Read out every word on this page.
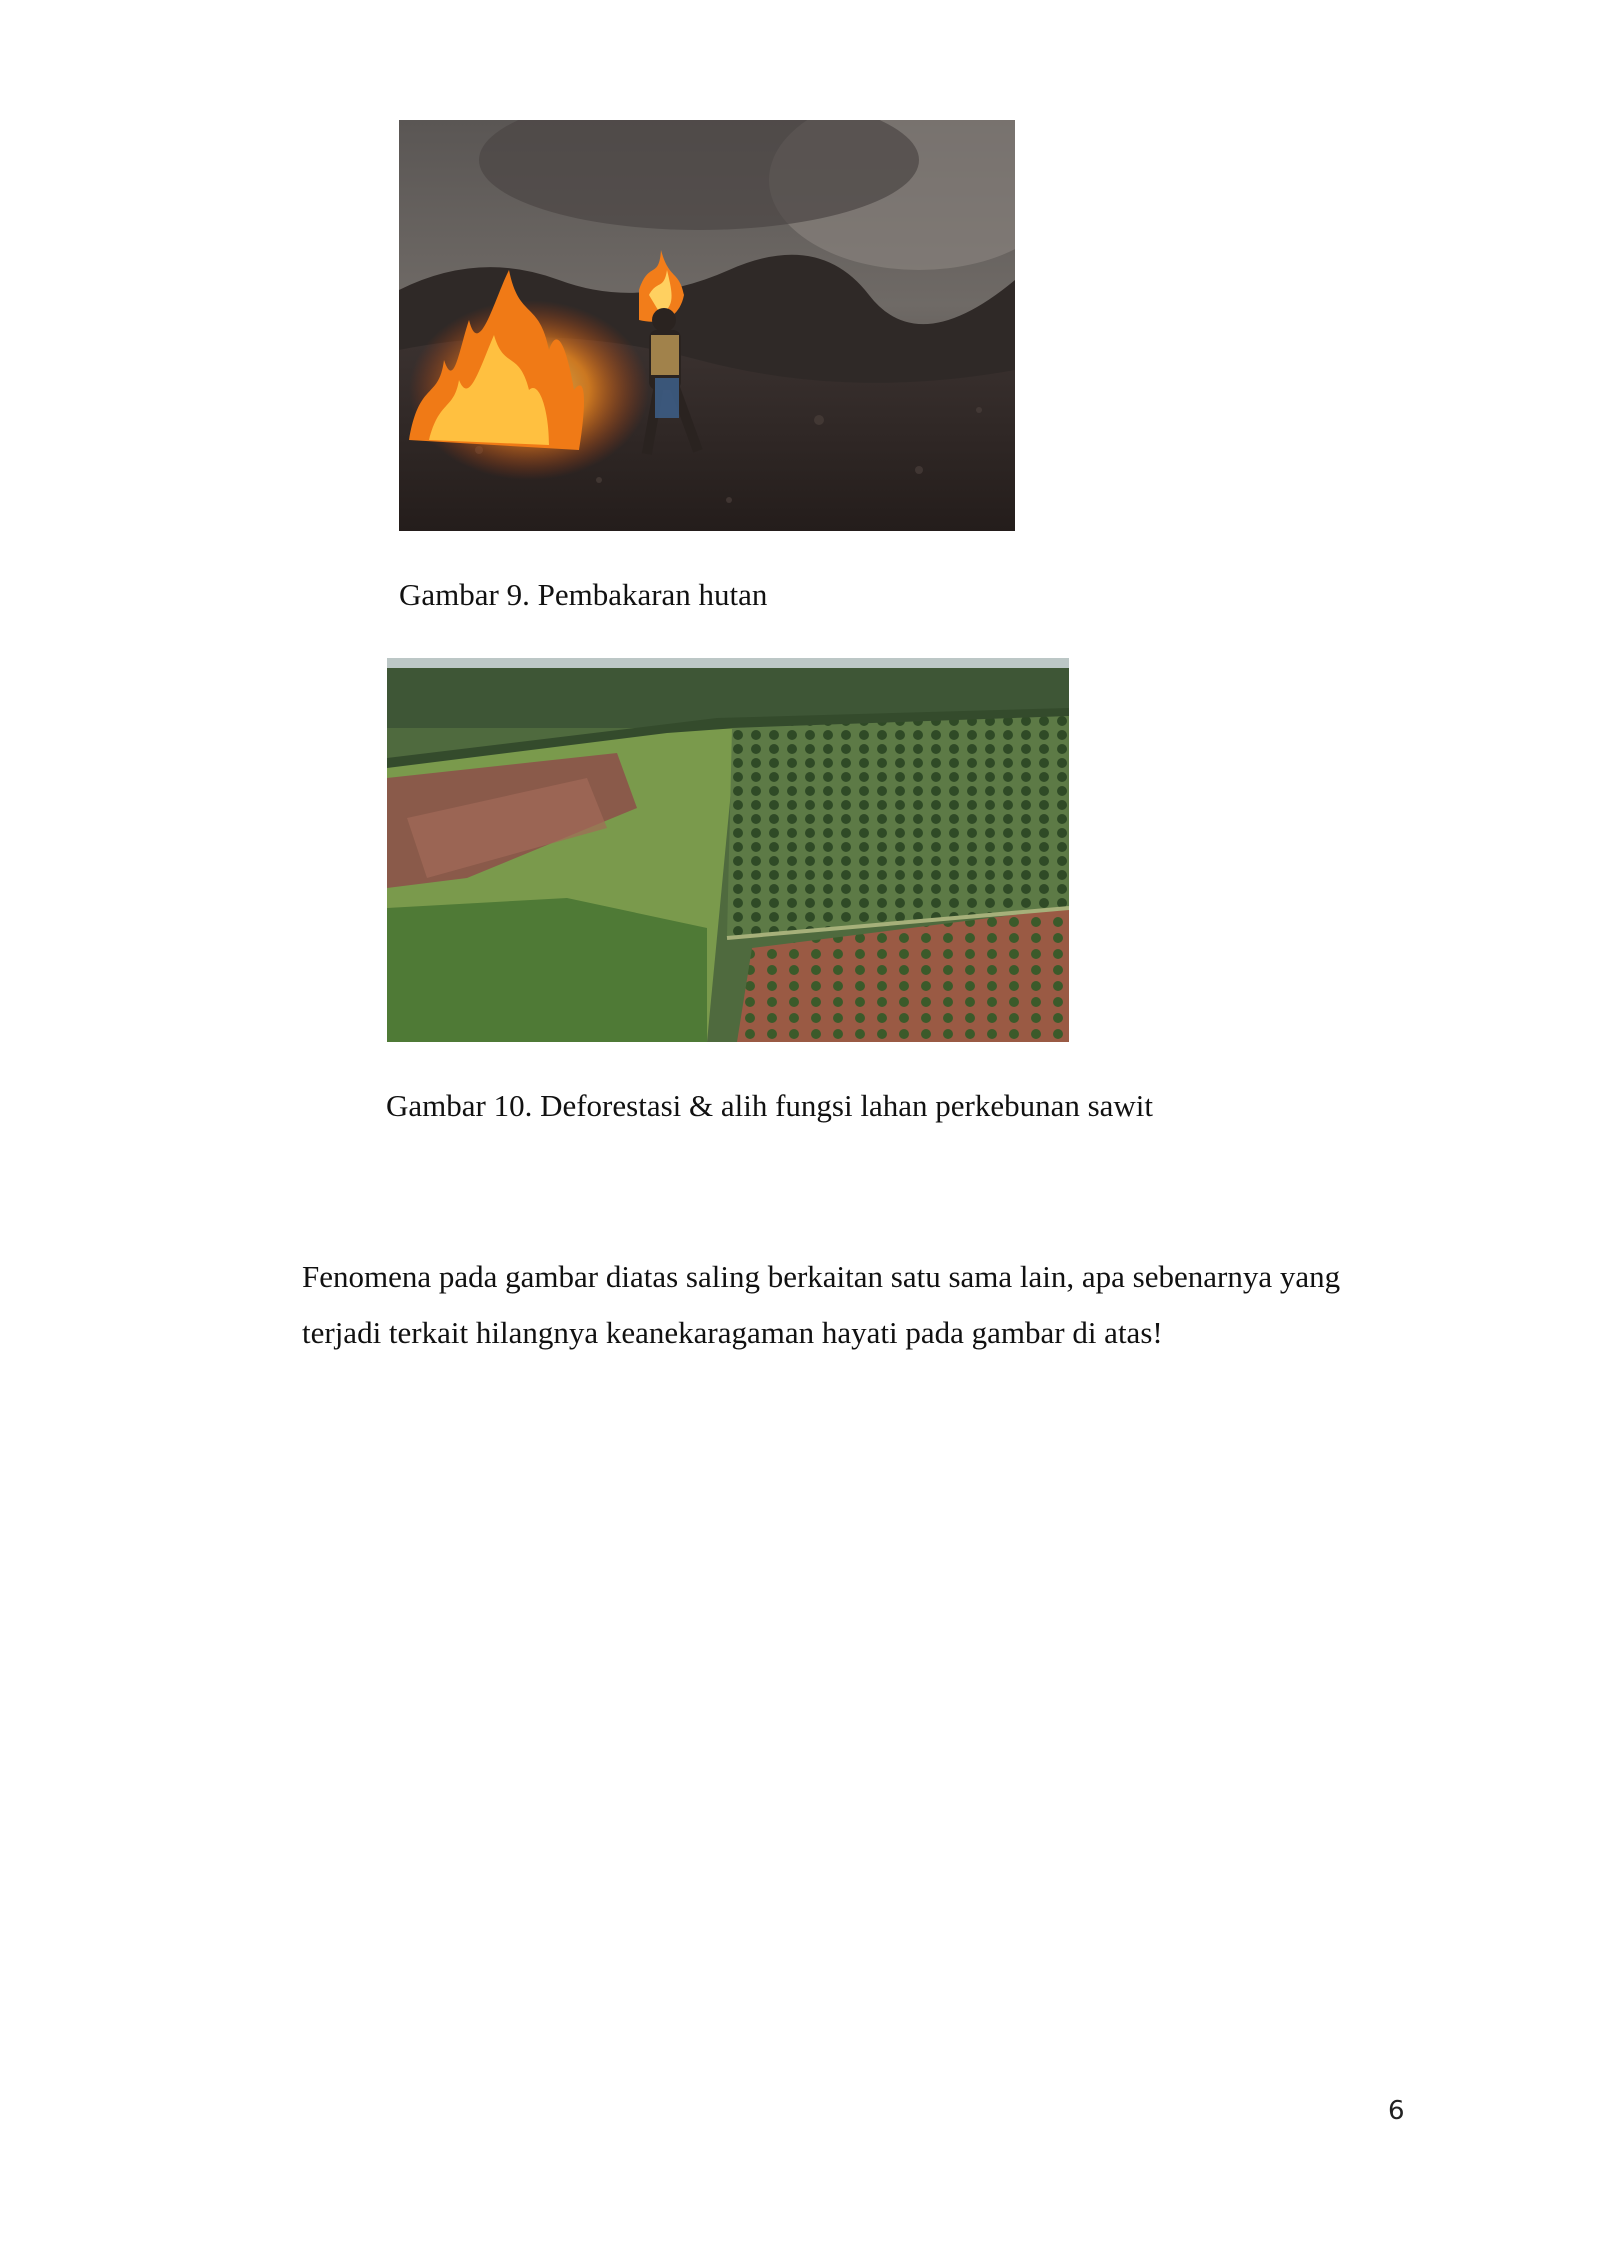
Gambar 9. Pembakaran hutan
Gambar 10. Deforestasi & alih fungsi lahan perkebunan sawit
Fenomena pada gambar diatas saling berkaitan satu sama lain, apa sebenarnya yang
terjadi terkait hilangnya keanekaragaman hayati pada gambar di atas!
6
